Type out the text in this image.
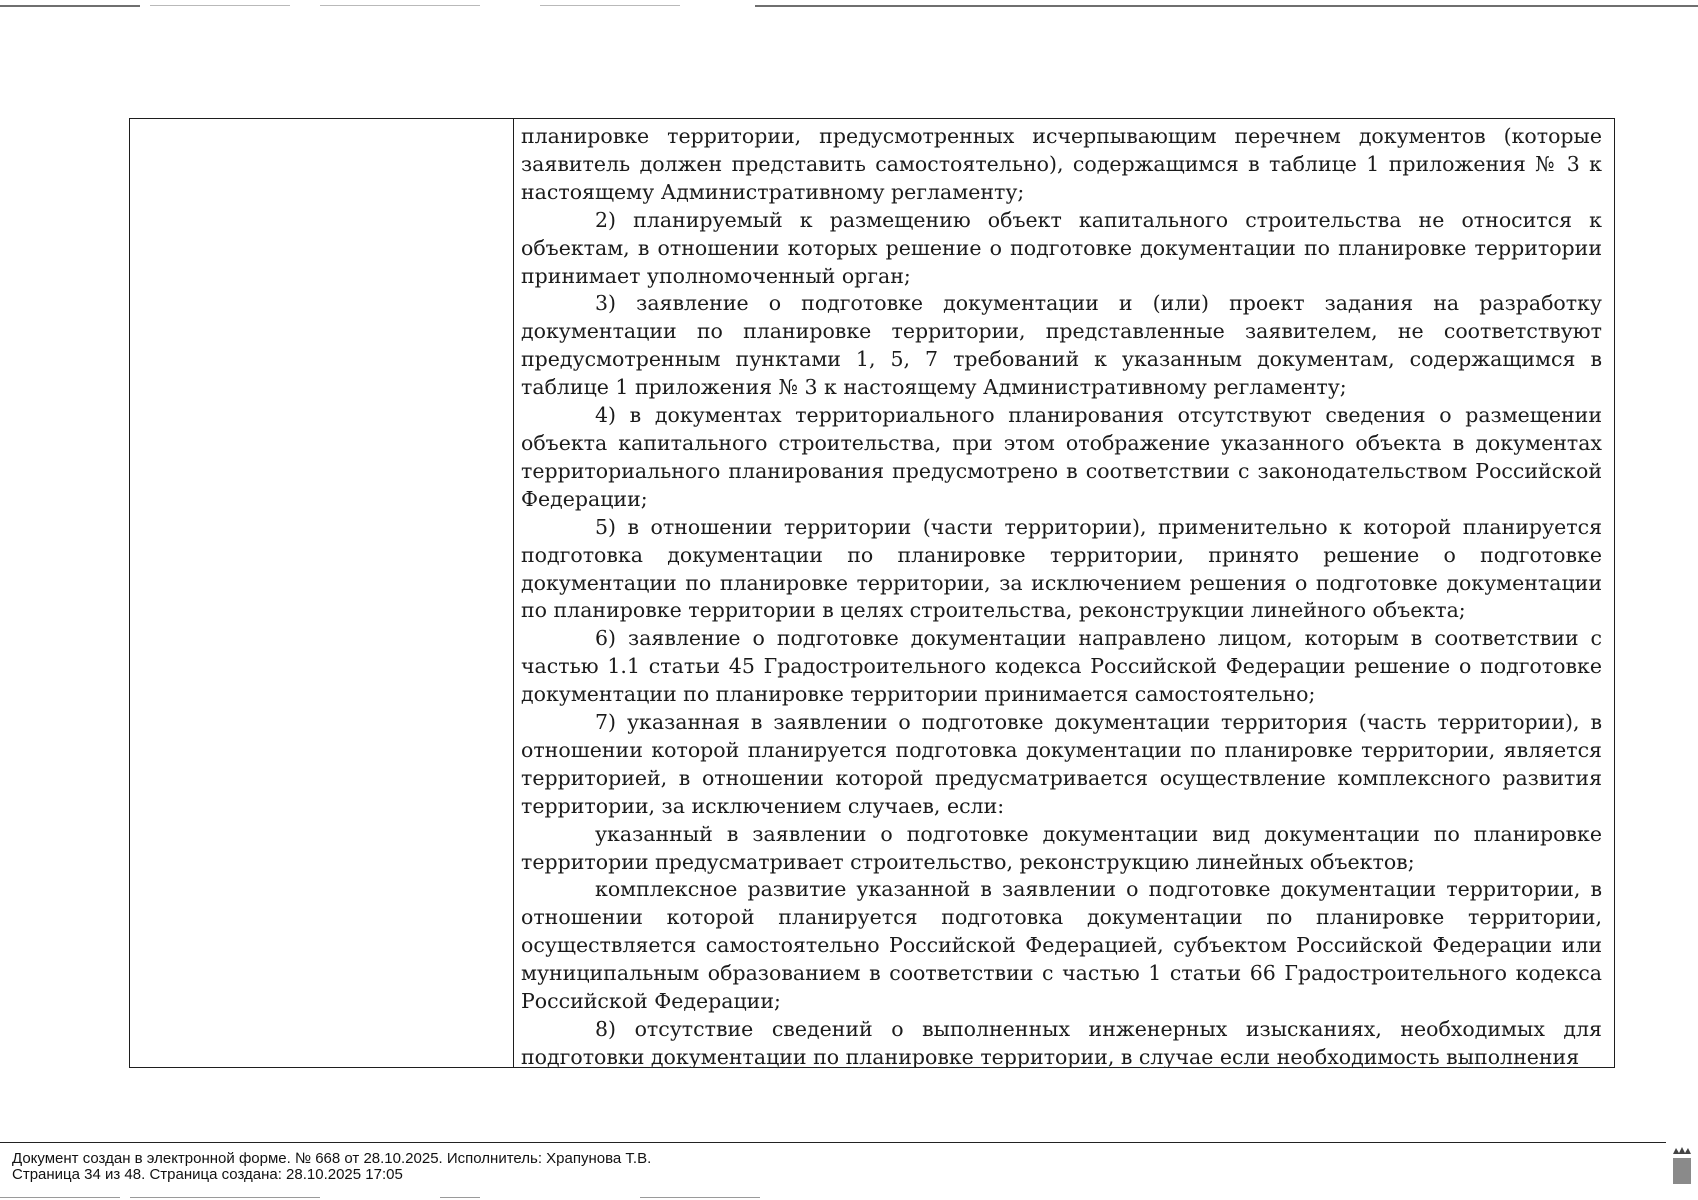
планировке территории, предусмотренных исчерпывающим перечнем документов (которые заявитель должен представить самостоятельно), содержащимся в таблице 1 приложения № 3 к настоящему Административному регламенту;

2) планируемый к размещению объект капитального строительства не относится к объектам, в отношении которых решение о подготовке документации по планировке территории принимает уполномоченный орган;

3) заявление о подготовке документации и (или) проект задания на разработку документации по планировке территории, представленные заявителем, не соответствуют предусмотренным пунктами 1, 5, 7 требований к указанным документам, содержащимся в таблице 1 приложения № 3 к настоящему Административному регламенту;

4) в документах территориального планирования отсутствуют сведения о размещении объекта капитального строительства, при этом отображение указанного объекта в документах территориального планирования предусмотрено в соответствии с законодательством Российской Федерации;

5) в отношении территории (части территории), применительно к которой планируется подготовка документации по планировке территории, принято решение о подготовке документации по планировке территории, за исключением решения о подготовке документации по планировке территории в целях строительства, реконструкции линейного объекта;

6) заявление о подготовке документации направлено лицом, которым в соответствии с частью 1.1 статьи 45 Градостроительного кодекса Российской Федерации решение о подготовке документации по планировке территории принимается самостоятельно;

7) указанная в заявлении о подготовке документации территория (часть территории), в отношении которой планируется подготовка документации по планировке территории, является территорией, в отношении которой предусматривается осуществление комплексного развития территории, за исключением случаев, если:

указанный в заявлении о подготовке документации вид документации по планировке территории предусматривает строительство, реконструкцию линейных объектов;

комплексное развитие указанной в заявлении о подготовке документации территории, в отношении которой планируется подготовка документации по планировке территории, осуществляется самостоятельно Российской Федерацией, субъектом Российской Федерации или муниципальным образованием в соответствии с частью 1 статьи 66 Градостроительного кодекса Российской Федерации;

8) отсутствие сведений о выполненных инженерных изысканиях, необходимых для подготовки документации по планировке территории, в случае если необходимость выполнения

Документ создан в электронной форме. № 668 от 28.10.2025. Исполнитель: Храпунова Т.В.
Страница 34 из 48. Страница создана: 28.10.2025 17:05
